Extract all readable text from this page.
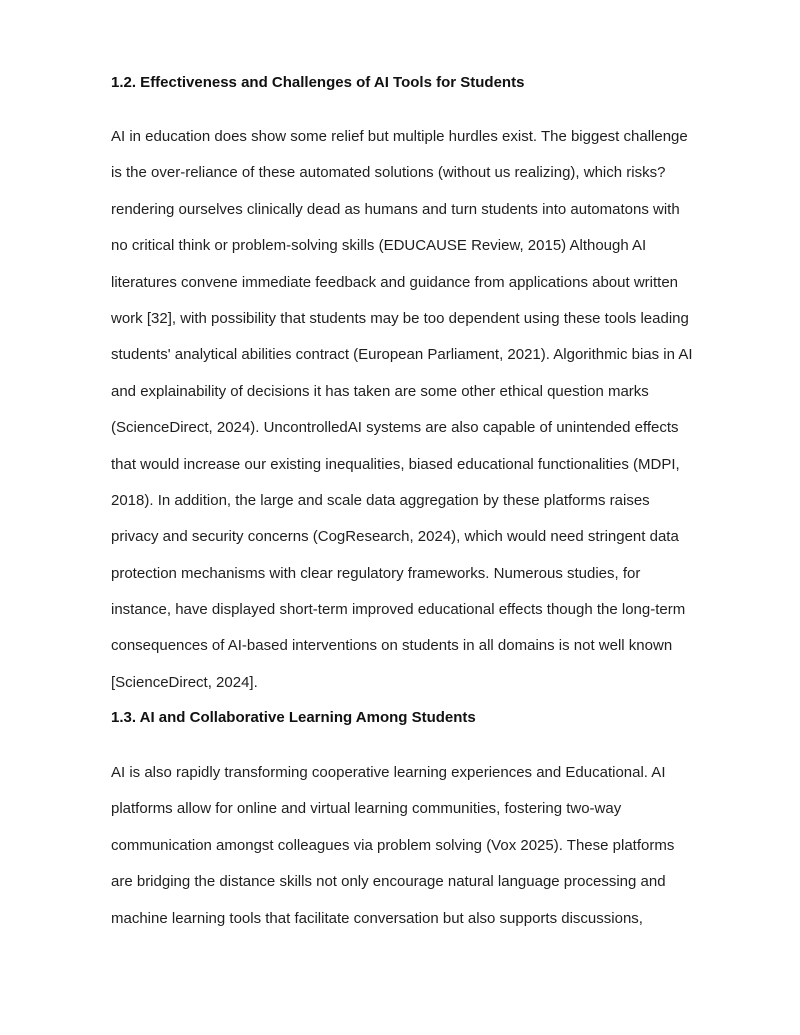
1.2. Effectiveness and Challenges of AI Tools for Students
AI in education does show some relief but multiple hurdles exist. The biggest challenge
is the over-reliance of these automated solutions (without us realizing), which risks?
rendering ourselves clinically dead as humans and turn students into automatons with
no critical think or problem-solving skills (EDUCAUSE Review, 2015) Although AI
literatures convene immediate feedback and guidance from applications about written
work [32], with possibility that students may be too dependent using these tools leading
students' analytical abilities contract (European Parliament, 2021). Algorithmic bias in AI
and explainability of decisions it has taken are some other ethical question marks
(ScienceDirect, 2024). UncontrolledAI systems are also capable of unintended effects
that would increase our existing inequalities, biased educational functionalities (MDPI,
2018). In addition, the large and scale data aggregation by these platforms raises
privacy and security concerns (CogResearch, 2024), which would need stringent data
protection mechanisms with clear regulatory frameworks. Numerous studies, for
instance, have displayed short-term improved educational effects though the long-term
consequences of AI-based interventions on students in all domains is not well known
[ScienceDirect, 2024].
1.3. AI and Collaborative Learning Among Students
AI is also rapidly transforming cooperative learning experiences and Educational. AI
platforms allow for online and virtual learning communities, fostering two-way
communication amongst colleagues via problem solving (Vox 2025). These platforms
are bridging the distance skills not only encourage natural language processing and
machine learning tools that facilitate conversation but also supports discussions,
